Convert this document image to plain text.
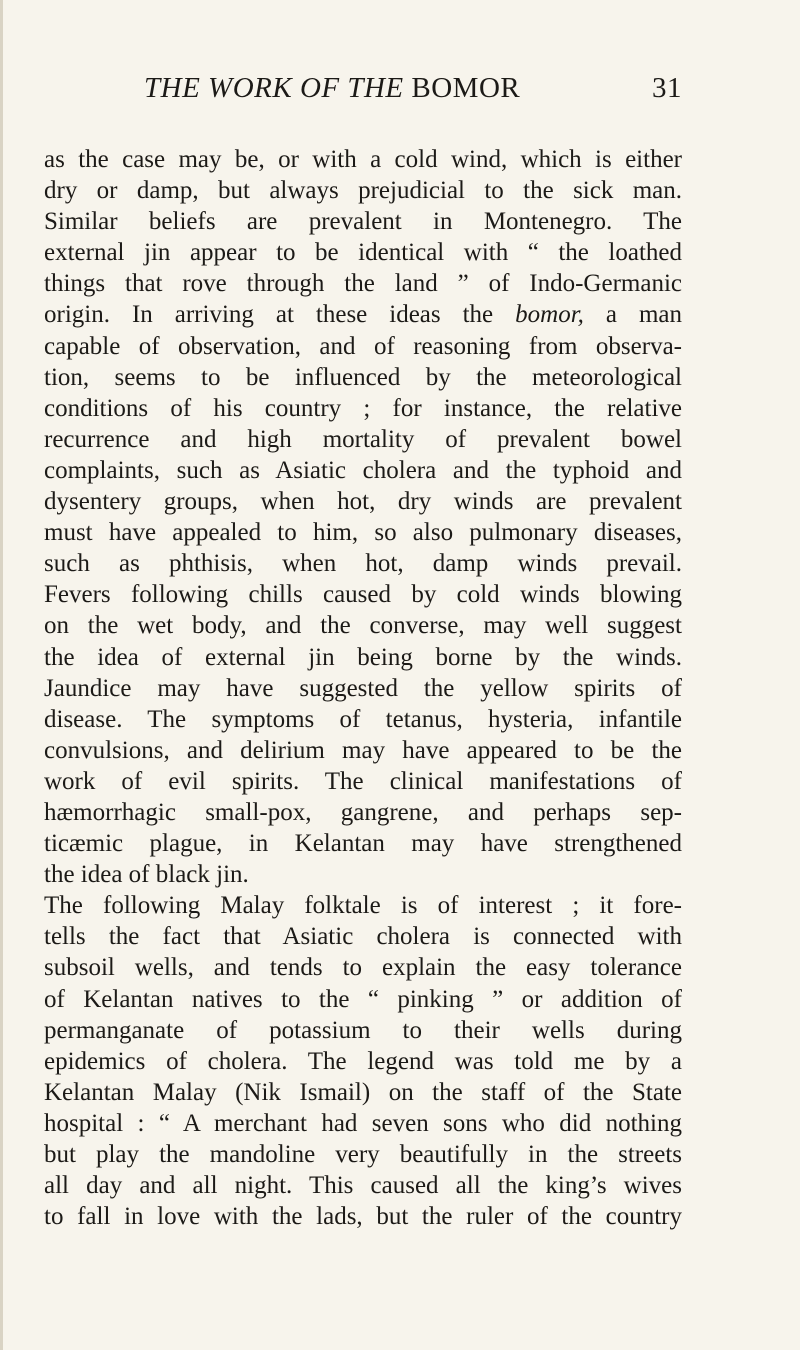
THE WORK OF THE BOMOR	31
as the case may be, or with a cold wind, which is either
dry or damp, but always prejudicial to the sick man.
Similar beliefs are prevalent in Montenegro. The
external jin appear to be identical with “ the loathed
things that rove through the land ” of Indo-Germanic
origin. In arriving at these ideas the bomor, a man
capable of observation, and of reasoning from observa-
tion, seems to be influenced by the meteorological
conditions of his country ; for instance, the relative
recurrence and high mortality of prevalent bowel
complaints, such as Asiatic cholera and the typhoid and
dysentery groups, when hot, dry winds are prevalent
must have appealed to him, so also pulmonary diseases,
such as phthisis, when hot, damp winds prevail.
Fevers following chills caused by cold winds blowing
on the wet body, and the converse, may well suggest
the idea of external jin being borne by the winds.
Jaundice may have suggested the yellow spirits of
disease. The symptoms of tetanus, hysteria, infantile
convulsions, and delirium may have appeared to be the
work of evil spirits. The clinical manifestations of
hæmorrhagic small-pox, gangrene, and perhaps sep-
ticæmic plague, in Kelantan may have strengthened
the idea of black jin.
The following Malay folktale is of interest ; it fore-
tells the fact that Asiatic cholera is connected with
subsoil wells, and tends to explain the easy tolerance
of Kelantan natives to the “ pinking ” or addition of
permanganate of potassium to their wells during
epidemics of cholera. The legend was told me by a
Kelantan Malay (Nik Ismail) on the staff of the State
hospital : “ A merchant had seven sons who did nothing
but play the mandoline very beautifully in the streets
all day and all night. This caused all the king’s wives
to fall in love with the lads, but the ruler of the country
